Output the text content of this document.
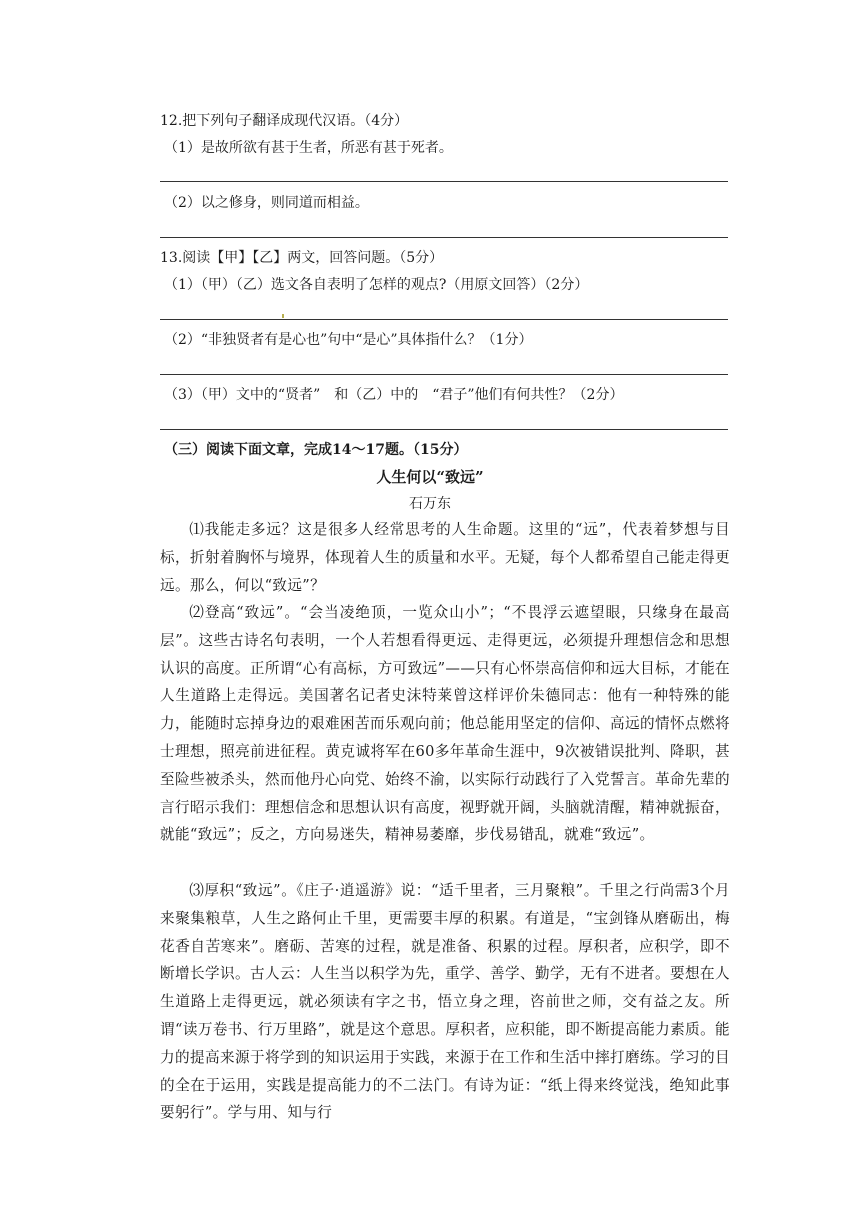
12.把下列句子翻译成现代汉语。（4分）
（1）是故所欲有甚于生者，所恶有甚于死者。
（2）以之修身，则同道而相益。
13.阅读【甲】【乙】两文，回答问题。（5分）
（1）（甲）（乙）选文各自表明了怎样的观点?（用原文回答）（2分）
（2）“非独贤者有是心也”句中“是心”具体指什么？（1分）
（3）（甲）文中的“贤者”　和（乙）中的　“君子”他们有何共性？（2分）
（三）阅读下面文章，完成14～17题。（15分）
人生何以“致远”
石万东
⑴我能走多远？这是很多人经常思考的人生命题。这里的“远”，代表着梦想与目标，折射着胸怀与境界，体现着人生的质量和水平。无疑，每个人都希望自己能走得更远。那么，何以“致远”？
⑵登高“致远”。“会当凌绝顶，一览众山小”；“不畏浮云遮望眼，只缘身在最高层”。这些古诗名句表明，一个人若想看得更远、走得更远，必须提升理想信念和思想认识的高度。正所谓“心有高标，方可致远”——只有心怀崇高信仰和远大目标，才能在人生道路上走得远。美国著名记者史沫特莱曾这样评价朱德同志：他有一种特殊的能力，能随时忘掉身边的艰难困苦而乐观向前；他总能用坚定的信仰、高远的情怀点燃将士理想，照亮前进征程。黄克诚将军在60多年革命生涯中，9次被错误批判、降职，甚至险些被杀头，然而他丹心向党、始终不渝，以实际行动践行了入党誓言。革命先辈的言行昭示我们：理想信念和思想认识有高度，视野就开阔，头脑就清醒，精神就振奋，就能“致远”；反之，方向易迷失，精神易萎靡，步伐易错乱，就难“致远”。
⑶厚积“致远”。《庄子·逍遥游》说：“适千里者，三月聚粮”。千里之行尚需3个月来聚集粮草，人生之路何止千里，更需要丰厚的积累。有道是，“宝剑锋从磨砺出，梅花香自苦寒来”。磨砺、苦寒的过程，就是准备、积累的过程。厚积者，应积学，即不断增长学识。古人云：人生当以积学为先，重学、善学、勤学，无有不进者。要想在人生道路上走得更远，就必须读有字之书，悟立身之理，咨前世之师，交有益之友。所谓“读万卷书、行万里路”，就是这个意思。厚积者，应积能，即不断提高能力素质。能力的提高来源于将学到的知识运用于实践，来源于在工作和生活中摔打磨练。学习的目的全在于运用，实践是提高能力的不二法门。有诗为证：“纸上得来终觉浅，绝知此事要躬行”。学与用、知与行
